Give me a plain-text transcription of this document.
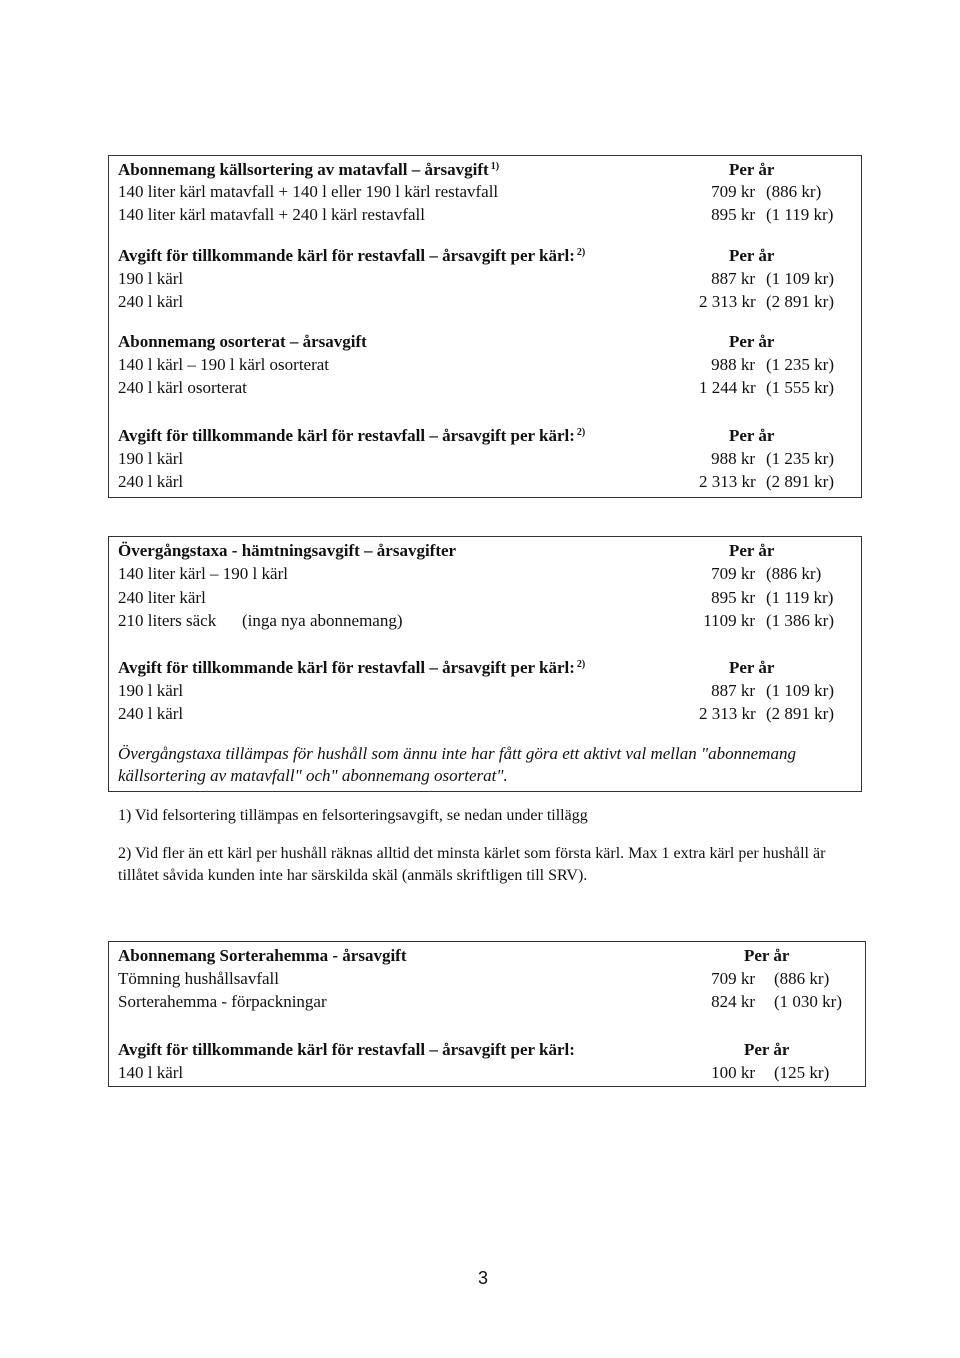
Abonnemang källsortering av matavfall – årsavgift $^{1)}$	Per år
140 liter kärl matavfall + 140 l eller 190 l kärl restavfall	709 kr (886 kr)
140 liter kärl matavfall + 240 l kärl restavfall	895 kr (1 119 kr)
Avgift för tillkommande kärl för restavfall – årsavgift per kärl: $^{2)}$	Per år
190 l kärl	887 kr (1 109 kr)
240 l kärl	2 313 kr (2 891 kr)
Abonnemang osorterat – årsavgift	Per år
140 l kärl – 190 l kärl osorterat	988 kr (1 235 kr)
240 l kärl osorterat	1 244 kr (1 555 kr)
Avgift för tillkommande kärl för restavfall – årsavgift per kärl: $^{2)}$	Per år
190 l kärl	988 kr (1 235 kr)
240 l kärl	2 313 kr (2 891 kr)
Övergångstaxa - hämtningsavgift – årsavgifter	Per år
140 liter kärl – 190 l kärl	709 kr (886 kr)
240 liter kärl	895 kr (1 119 kr)
210 liters säck (inga nya abonnemang)	1109 kr (1 386 kr)
Avgift för tillkommande kärl för restavfall – årsavgift per kärl: $^{2)}$	Per år
190 l kärl	887 kr (1 109 kr)
240 l kärl	2 313 kr (2 891 kr)
Övergångstaxa tillämpas för hushåll som ännu inte har fått göra ett aktivt val mellan "abonnemang källsortering av matavfall" och" abonnemang osorterat".
1) Vid felsortering tillämpas en felsorteringsavgift, se nedan under tillägg
2) Vid fler än ett kärl per hushåll räknas alltid det minsta kärlet som första kärl. Max 1 extra kärl per hushåll är tillåtet såvida kunden inte har särskilda skäl (anmäls skriftligen till SRV).
Abonnemang Sorterahemma - årsavgift	Per år
Tömning hushållsavfall	709 kr (886 kr)
Sorterahemma - förpackningar	824 kr (1 030 kr)
Avgift för tillkommande kärl för restavfall – årsavgift per kärl:	Per år
140 l kärl	100 kr (125 kr)
3
